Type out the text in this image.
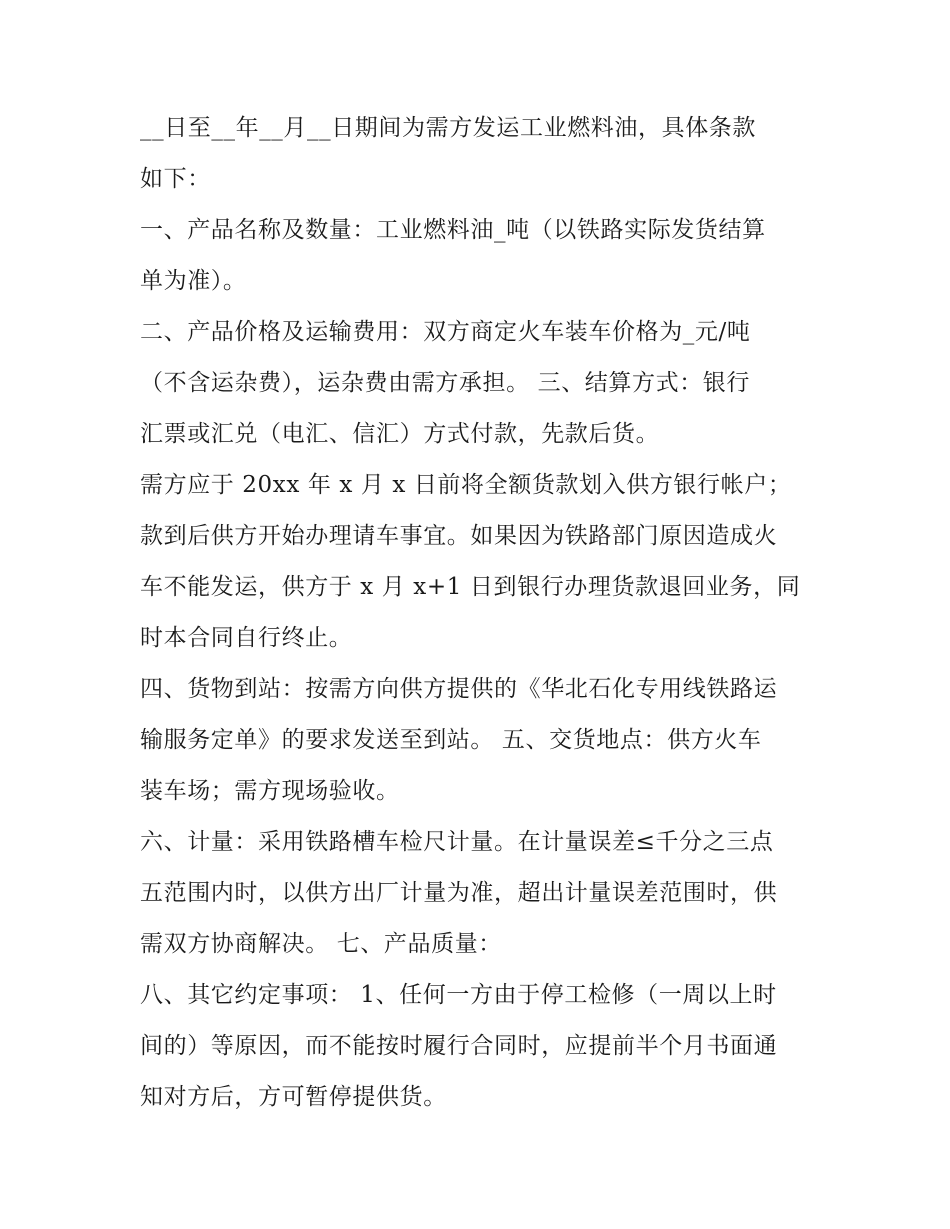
__日至__年__月__日期间为需方发运工业燃料油，具体条款
如下：
一、产品名称及数量：工业燃料油_吨（以铁路实际发货结算
单为准）。
二、产品价格及运输费用：双方商定火车装车价格为_元/吨
（不含运杂费），运杂费由需方承担。 三、结算方式：银行
汇票或汇兑（电汇、信汇）方式付款，先款后货。
需方应于 20xx 年 x 月 x 日前将全额货款划入供方银行帐户；
款到后供方开始办理请车事宜。如果因为铁路部门原因造成火
车不能发运，供方于 x 月 x+1 日到银行办理货款退回业务，同
时本合同自行终止。
四、货物到站：按需方向供方提供的《华北石化专用线铁路运
输服务定单》的要求发送至到站。 五、交货地点：供方火车
装车场；需方现场验收。
六、计量：采用铁路槽车检尺计量。在计量误差≤千分之三点
五范围内时，以供方出厂计量为准，超出计量误差范围时，供
需双方协商解决。 七、产品质量：
八、其它约定事项： 1、任何一方由于停工检修（一周以上时
间的）等原因，而不能按时履行合同时，应提前半个月书面通
知对方后，方可暂停提供货。
